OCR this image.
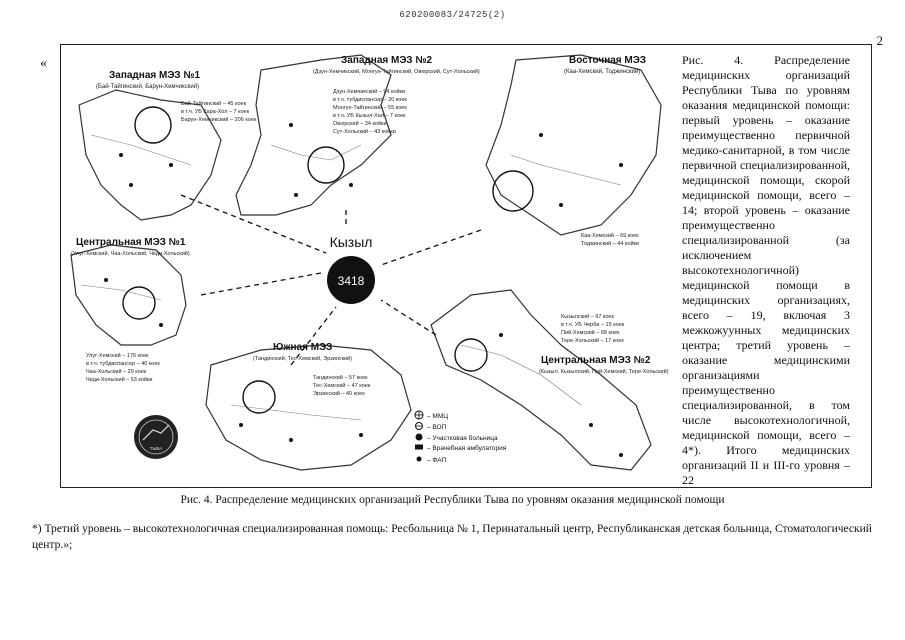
620200083/24725(2)
2
«
Кызыл
3418
Западная МЭЗ №1
(Бай-Тайгинский, Барун-Хемчикский)
Бай-Тайгинский – 45 коек
в т.ч. УБ Кара-Хол – 7 коек
Барун-Хемчикский – 206 коек
Западная МЭЗ №2
(Дзун-Хемчикский, Монгун-Тайгинский, Овюрский, Сут-Хольский)
Дзун-Хемчикский – 94 койки
в т.ч. тубдиспансер – 20 коек
Монгун-Тайгинский – 55 коек
в т.ч. УБ Кызыл-Хая – 7 коек
Овюрский – 34 койки
Сут-Хольский – 43 койки
Восточная МЭЗ
(Каа-Хемский, Тоджинский)
Каа-Хемский – 69 коек
Тоджинский – 44 койки
Центральная МЭЗ №1
(Улуг-Хемский, Чаа-Хольский, Чеди-Хольский)
Улуг-Хемский – 176 коек
в т.ч. тубдиспансер – 40 коек
Чаа-Хольский – 29 коек
Чеди-Хольский – 53 койки
Южная МЭЗ
(Тандинский, Тес-Хемский, Эрзинский)
Тандинский – 57 коек
Тес-Хемский – 47 коек
Эрзинский – 40 коек
Центральная МЭЗ №2
(Кызыл, Кызылский, Пий-Хемский, Тере-Хольский)
Кызылский – 97 коек
в т.ч. УБ Черби – 15 коек
Пий-Хемский – 68 коек
Тере-Хольский – 17 коек
ТЫВА
– ММЦ
– ВОП
– Участковая больница
– Врачебная амбулатория
– ФАП
Рис. 4. Распределение медицинских организаций Республики Тыва по уровням оказания медицинской помощи: первый уровень – оказание преимущественно первичной медико-санитарной, в том числе первичной специализированной, медицинской помощи, скорой медицинской помощи, всего – 14; второй уровень – оказание преимущественно специализированной (за исключением высокотехнологичной) медицинской помощи в медицинских организациях, всего – 19, включая 3 межкожуунных медицинских центра; третий уровень – оказание медицинскими организациями преимущественно специализированной, в том числе высокотехнологичной, медицинской помощи, всего – 4*). Итого медицинских организаций II и III-го уровня – 22
Рис. 4. Распределение медицинских организаций Республики Тыва по уровням оказания медицинской помощи
*) Третий уровень – высокотехнологичная специализированная помощь: Ресбольница № 1, Перинатальный центр, Республиканская детская больница, Стоматологический центр.»;
